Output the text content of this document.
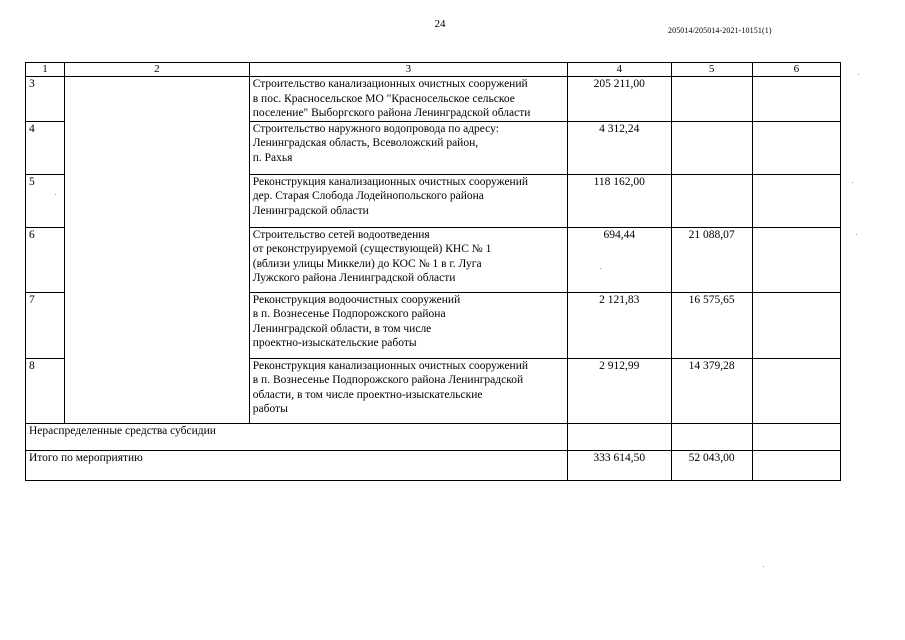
24
205014/205014-2021-10151(1)
1	2	3	4	5	6
3		Строительство канализационных очистных сооружений
в пос. Красносельское МО "Красносельское сельское
поселение" Выборгского района Ленинградской области	205 211,00		
4		Строительство наружного водопровода по адресу:
Ленинградская область, Всеволожский район,
п. Рахья	4 312,24		
5		Реконструкция канализационных очистных сооружений
дер. Старая Слобода Лодейнопольского района
Ленинградской области	118 162,00		
6		Строительство сетей водоотведения
от реконструируемой (существующей) КНС № 1
(вблизи улицы Миккели) до КОС № 1 в г. Луга
Лужского района Ленинградской области	694,44	21 088,07	
7		Реконструкция водоочистных сооружений
в п. Вознесенье Подпорожского района
Ленинградской области, в том числе
проектно-изыскательские работы	2 121,83	16 575,65	
8		Реконструкция канализационных очистных сооружений
в п. Вознесенье Подпорожского района Ленинградской
области, в том числе проектно-изыскательские
работы	2 912,99	14 379,28	
Нераспределенные средства субсидии					
Итого по мероприятию			333 614,50	52 043,00	
